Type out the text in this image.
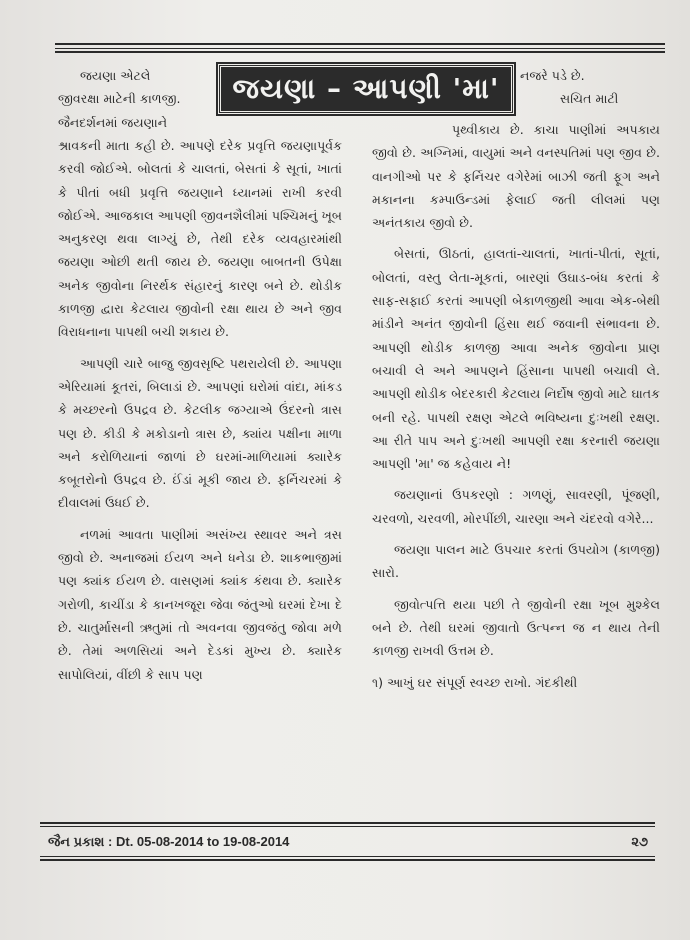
જયણા – આપણી 'મા'
જયણા એટલે
જીવરક્ષા માટેની કાળજી.
જૈનદર્શનમાં જયણાને
નજરે પડે છે.
સચિત માટી

શ્રાવકની માતા કહી છે. આપણે દરેક પ્રવૃત્તિ જયણાપૂર્વક કરવી જોઈએ. બોલતાં કે ચાલતાં, બેસતાં કે સૂતાં, ખાતાં કે પીતાં બધી પ્રવૃત્તિ જયણાને ધ્યાનમાં રાખી કરવી જોઈએ. આજકાલ આપણી જીવનશૈલીમાં પશ્ચિમનું ખૂબ અનુકરણ થવા લાગ્યું છે, તેથી દરેક વ્યવહારમાંથી જયણા ઓછી થતી જાય છે. જયણા બાબતની ઉપેક્ષા અનેક જીવોના નિરર્થક સંહારનું કારણ બને છે. થોડીક કાળજી દ્વારા કેટલાય જીવોની રક્ષા થાય છે અને જીવ વિરાધનાના પાપથી બચી શકાય છે.

આપણી ચારે બાજુ જીવસૃષ્ટિ પથરાયેલી છે. આપણા એરિયામાં કૂતરાં, બિલાડાં છે. આપણાં ઘરોમાં વાંદા, માંકડ કે મચ્છરનો ઉપદ્રવ છે. કેટલીક જગ્યાએ ઉંદરનો ત્રાસ પણ છે. કીડી કે મકોડાનો ત્રાસ છે, ક્યાંય પક્ષીના માળા અને કરોળિયાનાં જાળાં છે ઘરમાં-માળિયામાં ક્યારેક કબૂતરોનો ઉપદ્રવ છે. ઈંડાં મૂકી જાય છે. ફર્નિચરમાં કે દીવાલમાં ઉધઈ છે.

નળમાં આવતા પાણીમાં અસંખ્ય સ્થાવર અને ત્રસ જીવો છે. અનાજમાં ઈયળ અને ધનેડા છે. શાકભાજીમાં પણ ક્યાંક ઈયળ છે. વાસણમાં ક્યાંક કંથવા છે. ક્યારેક ગરોળી, કાચીંડા કે કાનખજૂરા જેવા જંતુઓ ઘરમાં દેખા દે છે. ચાતુર્માસની ઋતુમાં તો અવનવા જીવજંતુ જોવા મળે છે. તેમાં અળસિયાં અને દેડકાં મુખ્ય છે. ક્યારેક સાપોલિયાં, વીંછી કે સાપ પણ

પૃથ્વીકાય છે. કાચા પાણીમાં અપકાય જીવો છે. અગ્નિમાં, વાયુમાં અને વનસ્પતિમાં પણ જીવ છે. વાનગીઓ પર કે ફર્નિચર વગેરેમાં બાઝી જતી ફૂગ અને મકાનના કમ્પાઉન્ડમાં ફેલાઈ જતી લીલમાં પણ અનંતકાય જીવો છે.

બેસતાં, ઊઠતાં, હાલતાં-ચાલતાં, ખાતાં-પીતાં, સૂતાં, બોલતાં, વસ્તુ લેતા-મૂકતાં, બારણાં ઉઘાડ-બંધ કરતાં કે સાફ-સફાઈ કરતાં આપણી બેકાળજીથી આવા એક-બેથી માંડીને અનંત જીવોની હિંસા થઈ જવાની સંભાવના છે. આપણી થોડીક કાળજી આવા અનેક જીવોના પ્રાણ બચાવી લે અને આપણને હિંસાના પાપથી બચાવી લે. આપણી થોડીક બેદરકારી કેટલાય નિર્દોષ જીવો માટે ઘાતક બની રહે. પાપથી રક્ષણ એટલે ભવિષ્યના દુઃખથી રક્ષણ. આ રીતે પાપ અને દુઃખથી આપણી રક્ષા કરનારી જયણા આપણી 'મા' જ કહેવાય ને!

જયણાનાં ઉપકરણો : ગળણું, સાવરણી, પૂંજણી, ચરવળો, ચરવળી, મોરપીંછી, ચારણા અને ચંદરવો વગેરે...

જયણા પાલન માટે ઉપચાર કરતાં ઉપયોગ (કાળજી) સારો.

જીવોત્પત્તિ થયા પછી તે જીવોની રક્ષા ખૂબ મુશ્કેલ બને છે. તેથી ઘરમાં જીવાતો ઉત્પન્ન જ ન થાય તેની કાળજી રાખવી ઉત્તમ છે.

૧) આખું ઘર સંપૂર્ણ સ્વચ્છ રાખો. ગંદકીથી

જૈન પ્રકાશ : Dt. 05-08-2014 to 19-08-2014	૨૭
